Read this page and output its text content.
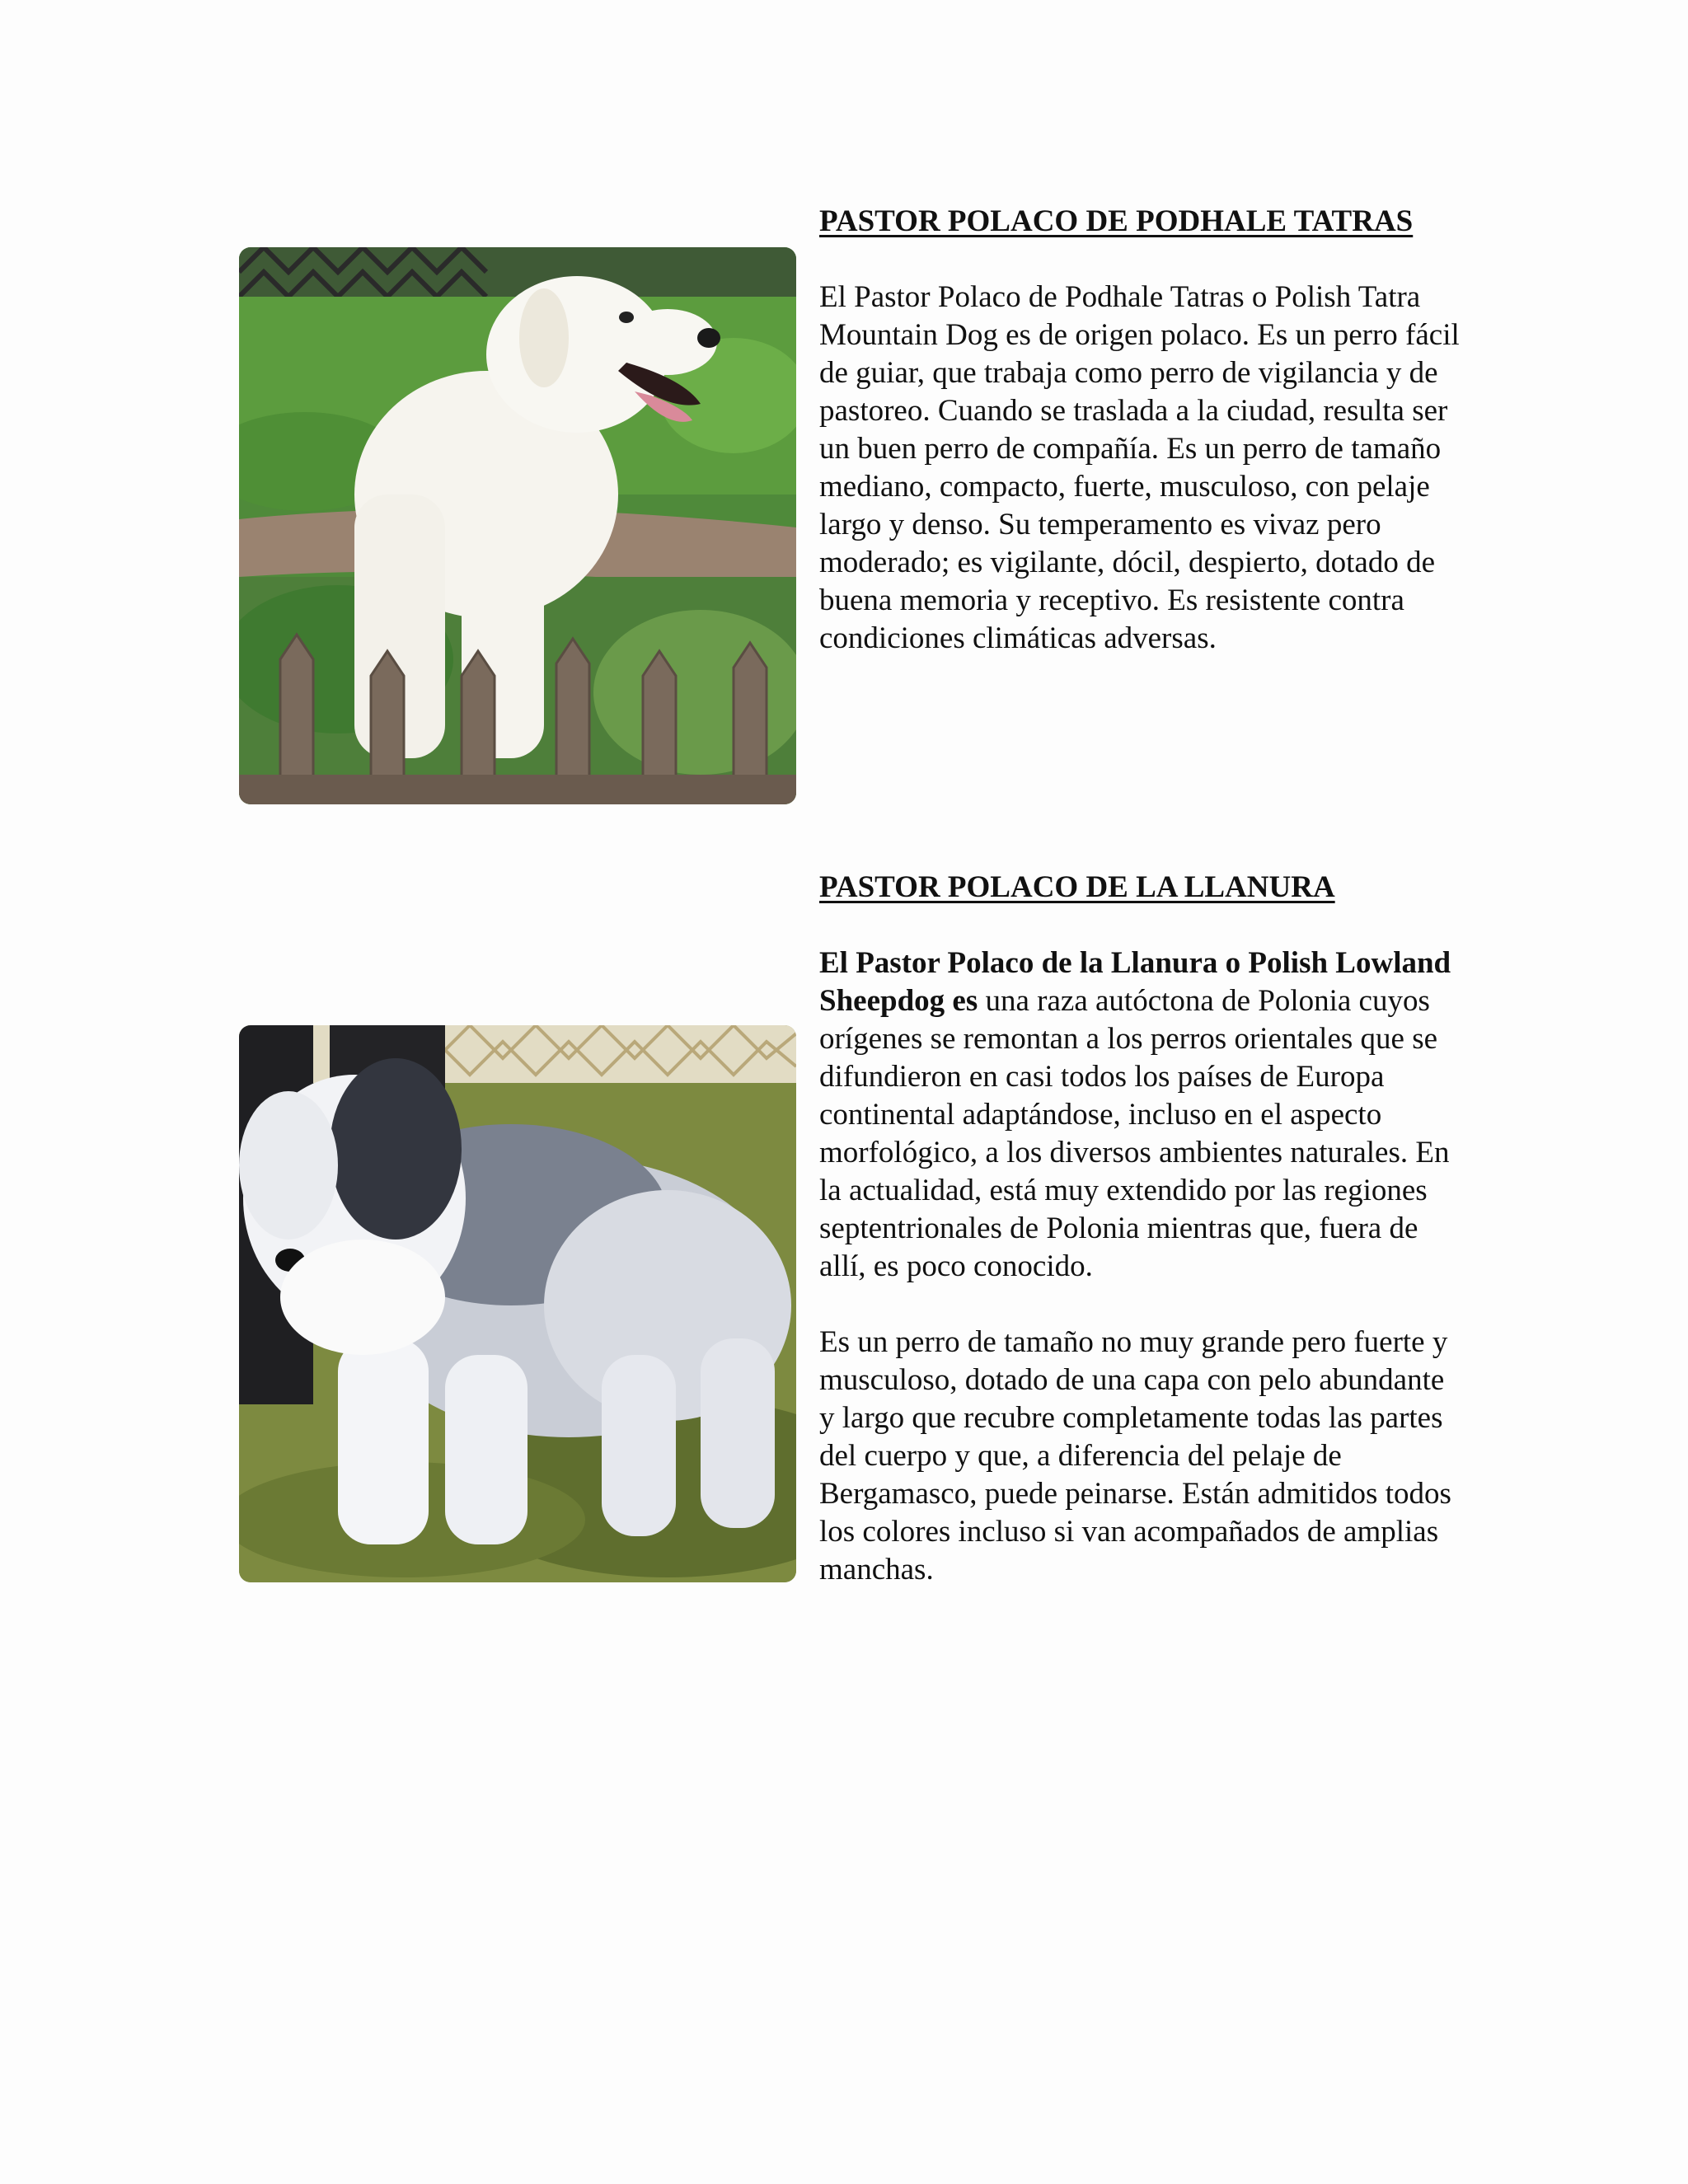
PASTOR POLACO DE PODHALE TATRAS

El Pastor Polaco de Podhale Tatras o Polish Tatra Mountain Dog es de origen polaco. Es un perro fácil de guiar, que trabaja como perro de vigilancia y de pastoreo. Cuando se traslada a la ciudad, resulta ser un buen perro de compañía. Es un perro de tamaño mediano, compacto, fuerte, musculoso, con pelaje largo y denso. Su temperamento es vivaz pero moderado; es vigilante, dócil, despierto, dotado de buena memoria y receptivo. Es resistente contra condiciones climáticas adversas.

PASTOR POLACO DE LA LLANURA

El Pastor Polaco de la Llanura o Polish Lowland Sheepdog es una raza autóctona de Polonia cuyos orígenes se remontan a los perros orientales que se difundieron en casi todos los países de Europa continental adaptándose, incluso en el aspecto morfológico, a los diversos ambientes naturales. En la actualidad, está muy extendido por las regiones septentrionales de Polonia mientras que, fuera de allí, es poco conocido.

Es un perro de tamaño no muy grande pero fuerte y musculoso, dotado de una capa con pelo abundante y largo que recubre completamente todas las partes del cuerpo y que, a diferencia del pelaje de Bergamasco, puede peinarse. Están admitidos todos los colores incluso si van acompañados de amplias manchas.
